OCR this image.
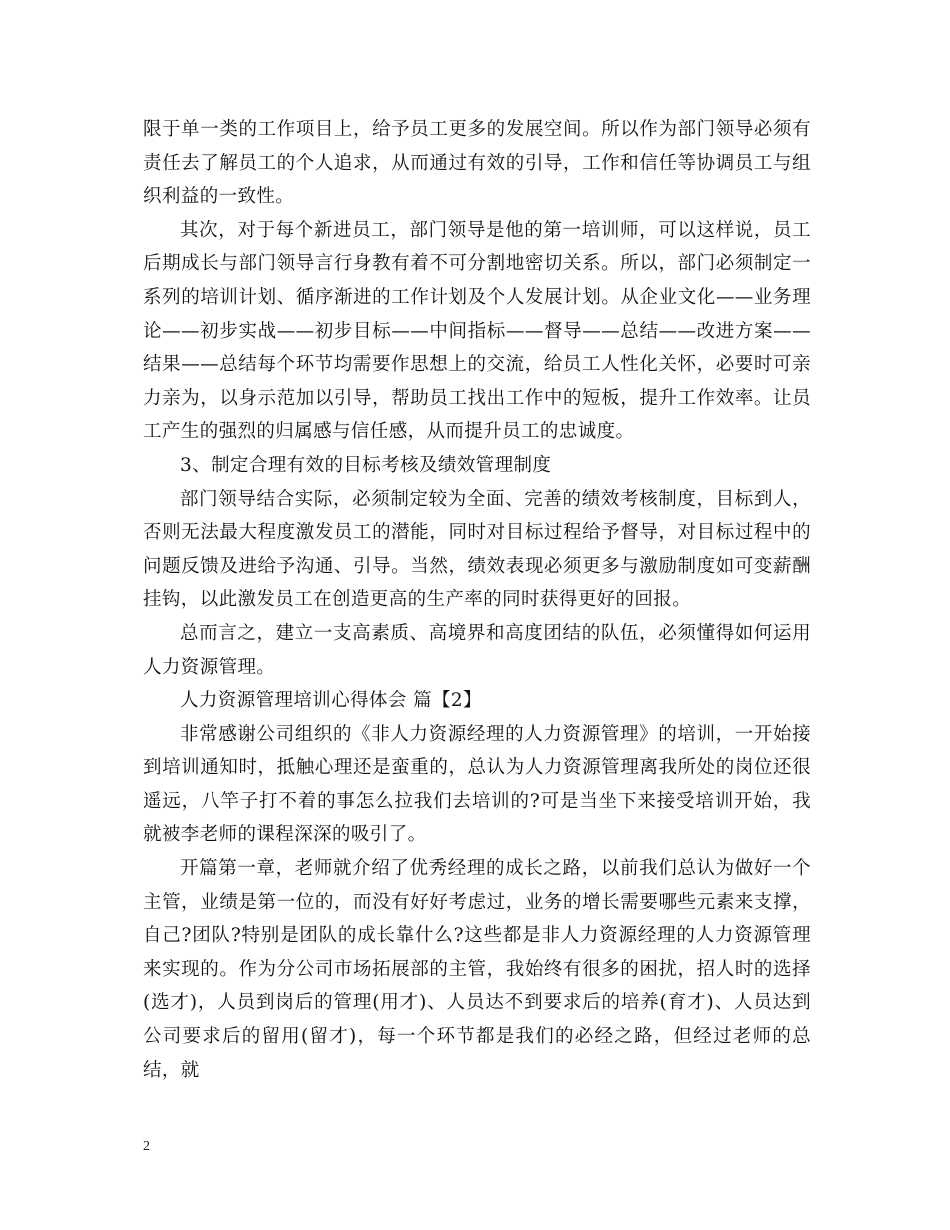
限于单一类的工作项目上，给予员工更多的发展空间。所以作为部门领导必须有责任去了解员工的个人追求，从而通过有效的引导，工作和信任等协调员工与组织利益的一致性。

其次，对于每个新进员工，部门领导是他的第一培训师，可以这样说，员工后期成长与部门领导言行身教有着不可分割地密切关系。所以，部门必须制定一系列的培训计划、循序渐进的工作计划及个人发展计划。从企业文化——业务理论——初步实战——初步目标——中间指标——督导——总结——改进方案——结果——总结每个环节均需要作思想上的交流，给员工人性化关怀，必要时可亲力亲为，以身示范加以引导，帮助员工找出工作中的短板，提升工作效率。让员工产生的强烈的归属感与信任感，从而提升员工的忠诚度。

3、制定合理有效的目标考核及绩效管理制度

部门领导结合实际，必须制定较为全面、完善的绩效考核制度，目标到人，否则无法最大程度激发员工的潜能，同时对目标过程给予督导，对目标过程中的问题反馈及进给予沟通、引导。当然，绩效表现必须更多与激励制度如可变薪酬挂钩，以此激发员工在创造更高的生产率的同时获得更好的回报。

总而言之，建立一支高素质、高境界和高度团结的队伍，必须懂得如何运用人力资源管理。

人力资源管理培训心得体会 篇【2】

非常感谢公司组织的《非人力资源经理的人力资源管理》的培训，一开始接到培训通知时，抵触心理还是蛮重的，总认为人力资源管理离我所处的岗位还很遥远，八竿子打不着的事怎么拉我们去培训的?可是当坐下来接受培训开始，我就被李老师的课程深深的吸引了。

开篇第一章，老师就介绍了优秀经理的成长之路，以前我们总认为做好一个主管，业绩是第一位的，而没有好好考虑过，业务的增长需要哪些元素来支撑，自己?团队?特别是团队的成长靠什么?这些都是非人力资源经理的人力资源管理来实现的。作为分公司市场拓展部的主管，我始终有很多的困扰，招人时的选择(选才)，人员到岗后的管理(用才)、人员达不到要求后的培养(育才)、人员达到公司要求后的留用(留才)，每一个环节都是我们的必经之路，但经过老师的总结，就

2
